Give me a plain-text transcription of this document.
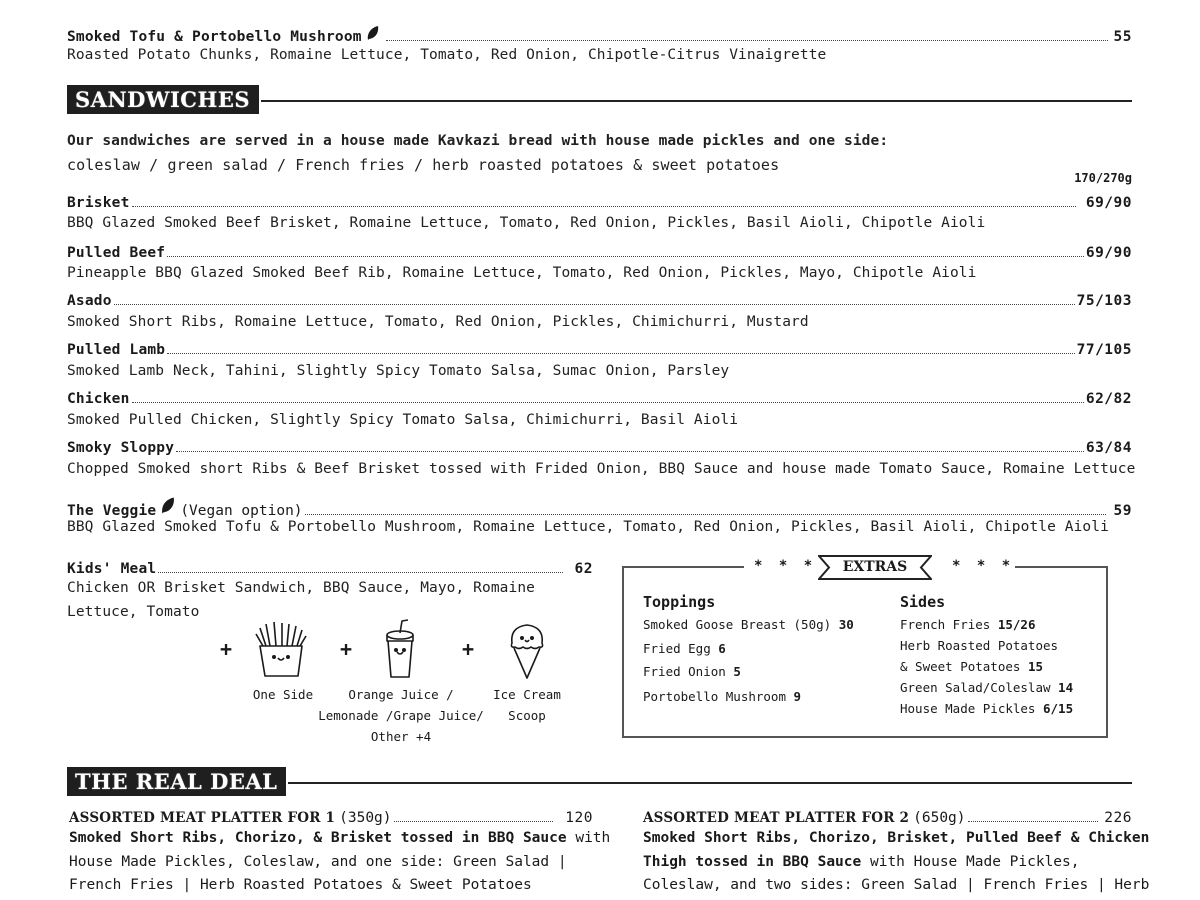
Smoked Tofu & Portobello Mushroom	55
Roasted Potato Chunks, Romaine Lettuce, Tomato, Red Onion, Chipotle-Citrus Vinaigrette
SANDWICHES
Our sandwiches are served in a house made Kavkazi bread with house made pickles and one side:
coleslaw / green salad / French fries / herb roasted potatoes & sweet potatoes
170/270g
Brisket	69/90
BBQ Glazed Smoked Beef Brisket, Romaine Lettuce, Tomato, Red Onion, Pickles, Basil Aioli, Chipotle Aioli
Pulled Beef	69/90
Pineapple BBQ Glazed Smoked Beef Rib, Romaine Lettuce, Tomato, Red Onion, Pickles, Mayo, Chipotle Aioli
Asado	75/103
Smoked Short Ribs, Romaine Lettuce, Tomato, Red Onion, Pickles, Chimichurri, Mustard
Pulled Lamb	77/105
Smoked Lamb Neck, Tahini, Slightly Spicy Tomato Salsa, Sumac Onion, Parsley
Chicken	62/82
Smoked Pulled Chicken, Slightly Spicy Tomato Salsa, Chimichurri, Basil Aioli
Smoky Sloppy	63/84
Chopped Smoked short Ribs & Beef Brisket tossed with Frided Onion, BBQ Sauce and house made Tomato Sauce, Romaine Lettuce
The Veggie (Vegan option)	59
BBQ Glazed Smoked Tofu & Portobello Mushroom, Romaine Lettuce, Tomato, Red Onion, Pickles, Basil Aioli, Chipotle Aioli
Kids' Meal	62
Chicken OR Brisket Sandwich, BBQ Sauce, Mayo, Romaine
Lettuce, Tomato
+	+	+
One Side	Orange Juice /
Lemonade /Grape Juice/
Other +4
Ice Cream
Scoop
* * *	* * *
EXTRAS
Toppings
Smoked Goose Breast (50g) 30
Fried Egg 6
Fried Onion 5
Portobello Mushroom 9
Sides
French Fries 15/26
Herb Roasted Potatoes
& Sweet Potatoes 15
Green Salad/Coleslaw 14
House Made Pickles 6/15
THE REAL DEAL
ASSORTED MEAT PLATTER FOR 1 (350g)	120
Smoked Short Ribs, Chorizo, & Brisket tossed in BBQ Sauce with
House Made Pickles, Coleslaw, and one side: Green Salad |
French Fries | Herb Roasted Potatoes & Sweet Potatoes
ASSORTED MEAT PLATTER FOR 2 (650g)	226
Smoked Short Ribs, Chorizo, Brisket, Pulled Beef & Chicken
Thigh tossed in BBQ Sauce with House Made Pickles,
Coleslaw, and two sides: Green Salad | French Fries | Herb
